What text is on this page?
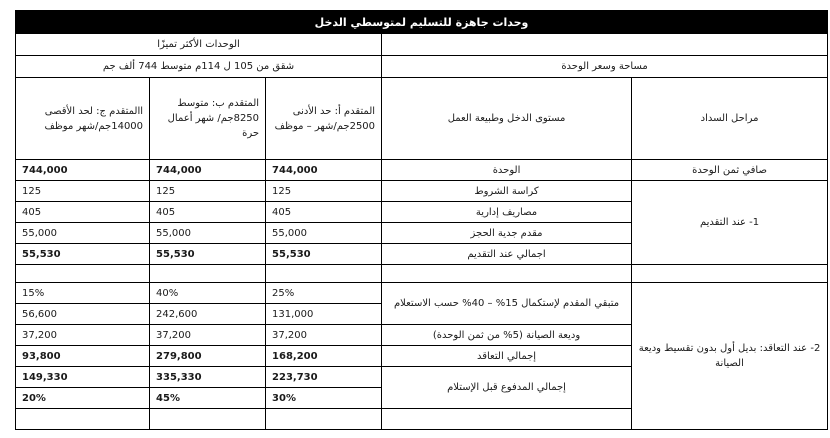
وحدات جاهزة للتسليم لمتوسطي الدخل				
		الوحدات الأكثر تميزًا		
مساحة وسعر الوحدة		شقق من 105 ل 114م متوسط 744 ألف جم		
مراحل السداد	مستوى الدخل وطبيعة العمل	المتقدم أ: حد الأدنى 2500جم/شهر – موظف	المتقدم ب: متوسط 8250جم/ شهر أعمال حرة	االمتقدم ج: لحد الأقصى 14000جم/شهر موظف
صافي ثمن الوحدة	الوحدة	744,000	744,000	744,000
1- عند التقديم	كراسة الشروط	125	125	125
	مصاريف إدارية	405	405	405
	مقدم جدية الحجز	55,000	55,000	55,000
	اجمالي عند التقديم	55,530	55,530	55,530

2- عند التعاقد: بديل أول بدون تقسيط وديعة الصيانة	متبقي المقدم لإستكمال 15% – 40% حسب الاستعلام	25%	40%	15%
		131,000	242,600	56,600
	وديعة الصيانة (5% من ثمن الوحدة)	37,200	37,200	37,200
	إجمالي التعاقد	168,200	279,800	93,800
	إجمالي المدفوع قبل الإستلام	223,730	335,330	149,330
		30%	45%	20%
